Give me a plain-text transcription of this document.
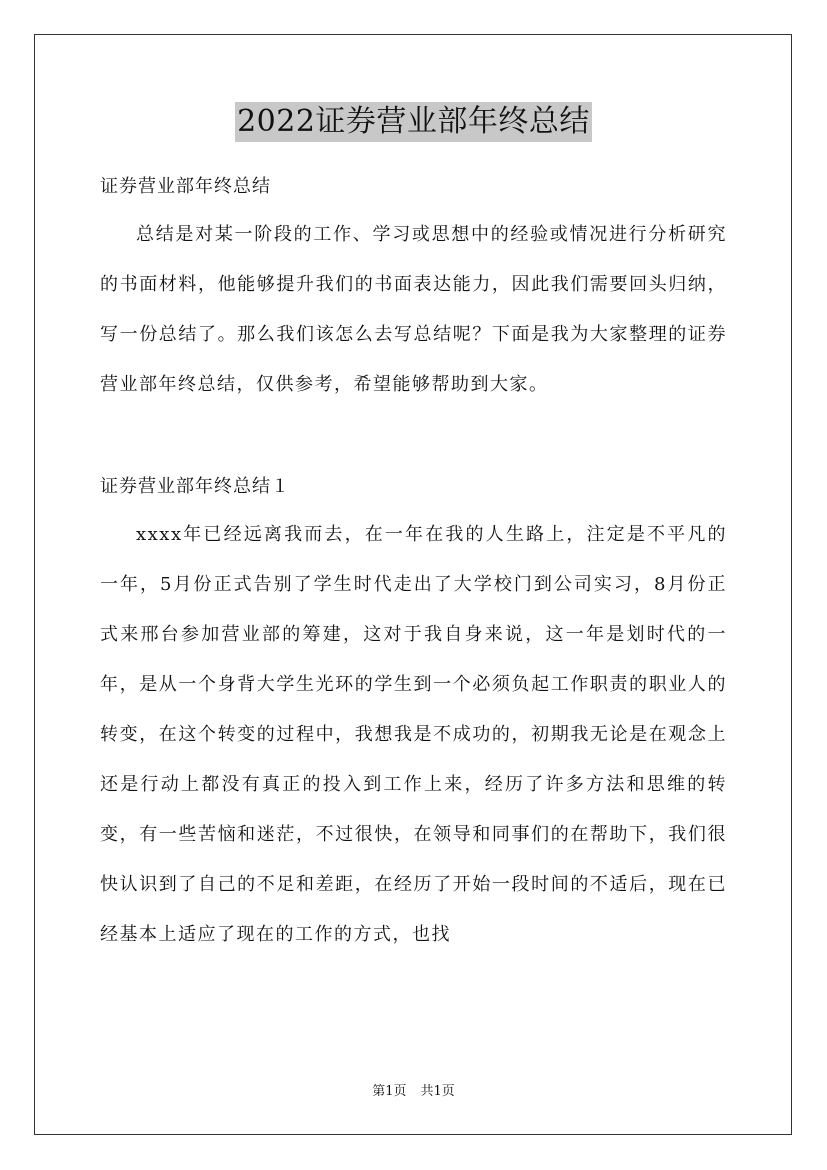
2022证券营业部年终总结
证券营业部年终总结

总结是对某一阶段的工作、学习或思想中的经验或情况进行分析研究的书面材料，他能够提升我们的书面表达能力，因此我们需要回头归纳，写一份总结了。那么我们该怎么去写总结呢？下面是我为大家整理的证券营业部年终总结，仅供参考，希望能够帮助到大家。

证券营业部年终总结１

xxxx年已经远离我而去，在一年在我的人生路上，注定是不平凡的一年，5月份正式告别了学生时代走出了大学校门到公司实习，8月份正式来邢台参加营业部的筹建，这对于我自身来说，这一年是划时代的一年，是从一个身背大学生光环的学生到一个必须负起工作职责的职业人的转变，在这个转变的过程中，我想我是不成功的，初期我无论是在观念上还是行动上都没有真正的投入到工作上来，经历了许多方法和思维的转变，有一些苦恼和迷茫，不过很快，在领导和同事们的在帮助下，我们很快认识到了自己的不足和差距，在经历了开始一段时间的不适后，现在已经基本上适应了现在的工作的方式，也找

第1页 共1页
